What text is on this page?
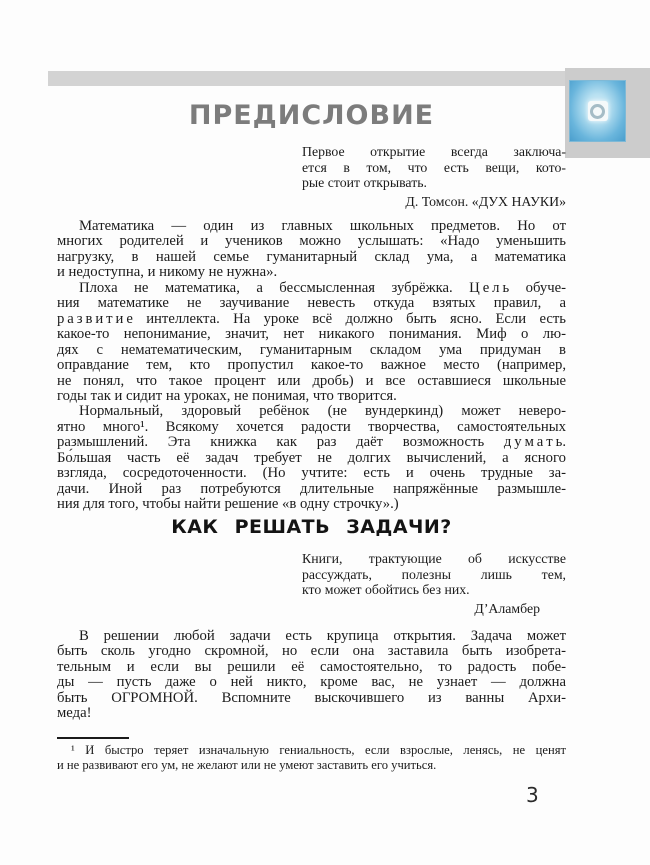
ПРЕДИСЛОВИЕ
Первое открытие всегда заключа-
ется в том, что есть вещи, кото-
рые стоит открывать.
Д. Томсон. «ДУХ НАУКИ»
Математика — один из главных школьных предметов. Но от
многих родителей и учеников можно услышать: «Надо уменьшить
нагрузку, в нашей семье гуманитарный склад ума, а математика
и недоступна, и никому не нужна».
Плоха не математика, а бессмысленная зубрёжка. Ц е л ь обуче-
ния математике не заучивание невесть откуда взятых правил, а
р а з в и т и е интеллекта. На уроке всё должно быть ясно. Если есть
какое-то непонимание, значит, нет никакого понимания. Миф о лю-
дях с нематематическим, гуманитарным складом ума придуман в
оправдание тем, кто пропустил какое-то важное место (например,
не понял, что такое процент или дробь) и все оставшиеся школьные
годы так и сидит на уроках, не понимая, что творится.
Нормальный, здоровый ребёнок (не вундеркинд) может неверо-
ятно много¹. Всякому хочется радости творчества, самостоятельных
размышлений. Эта книжка как раз даёт возможность д у м а т ь.
Бо́льшая часть её задач требует не долгих вычислений, а ясного
взгляда, сосредоточенности. (Но учтите: есть и очень трудные за-
дачи. Иной раз потребуются длительные напряжённые размышле-
ния для того, чтобы найти решение «в одну строчку».)
КАК РЕШАТЬ ЗАДАЧИ?
Книги, трактующие об искусстве
рассуждать, полезны лишь тем,
кто может обойтись без них.
Д’Аламбер
В решении любой задачи есть крупица открытия. Задача может
быть сколь угодно скромной, но если она заставила быть изобрета-
тельным и если вы решили её самостоятельно, то радость побе-
ды — пусть даже о ней никто, кроме вас, не узнает — должна
быть ОГРОМНОЙ. Вспомните выскочившего из ванны Архи-
меда!
¹ И быстро теряет изначальную гениальность, если взрослые, ленясь, не ценят
и не развивают его ум, не желают или не умеют заставить его учиться.
3
